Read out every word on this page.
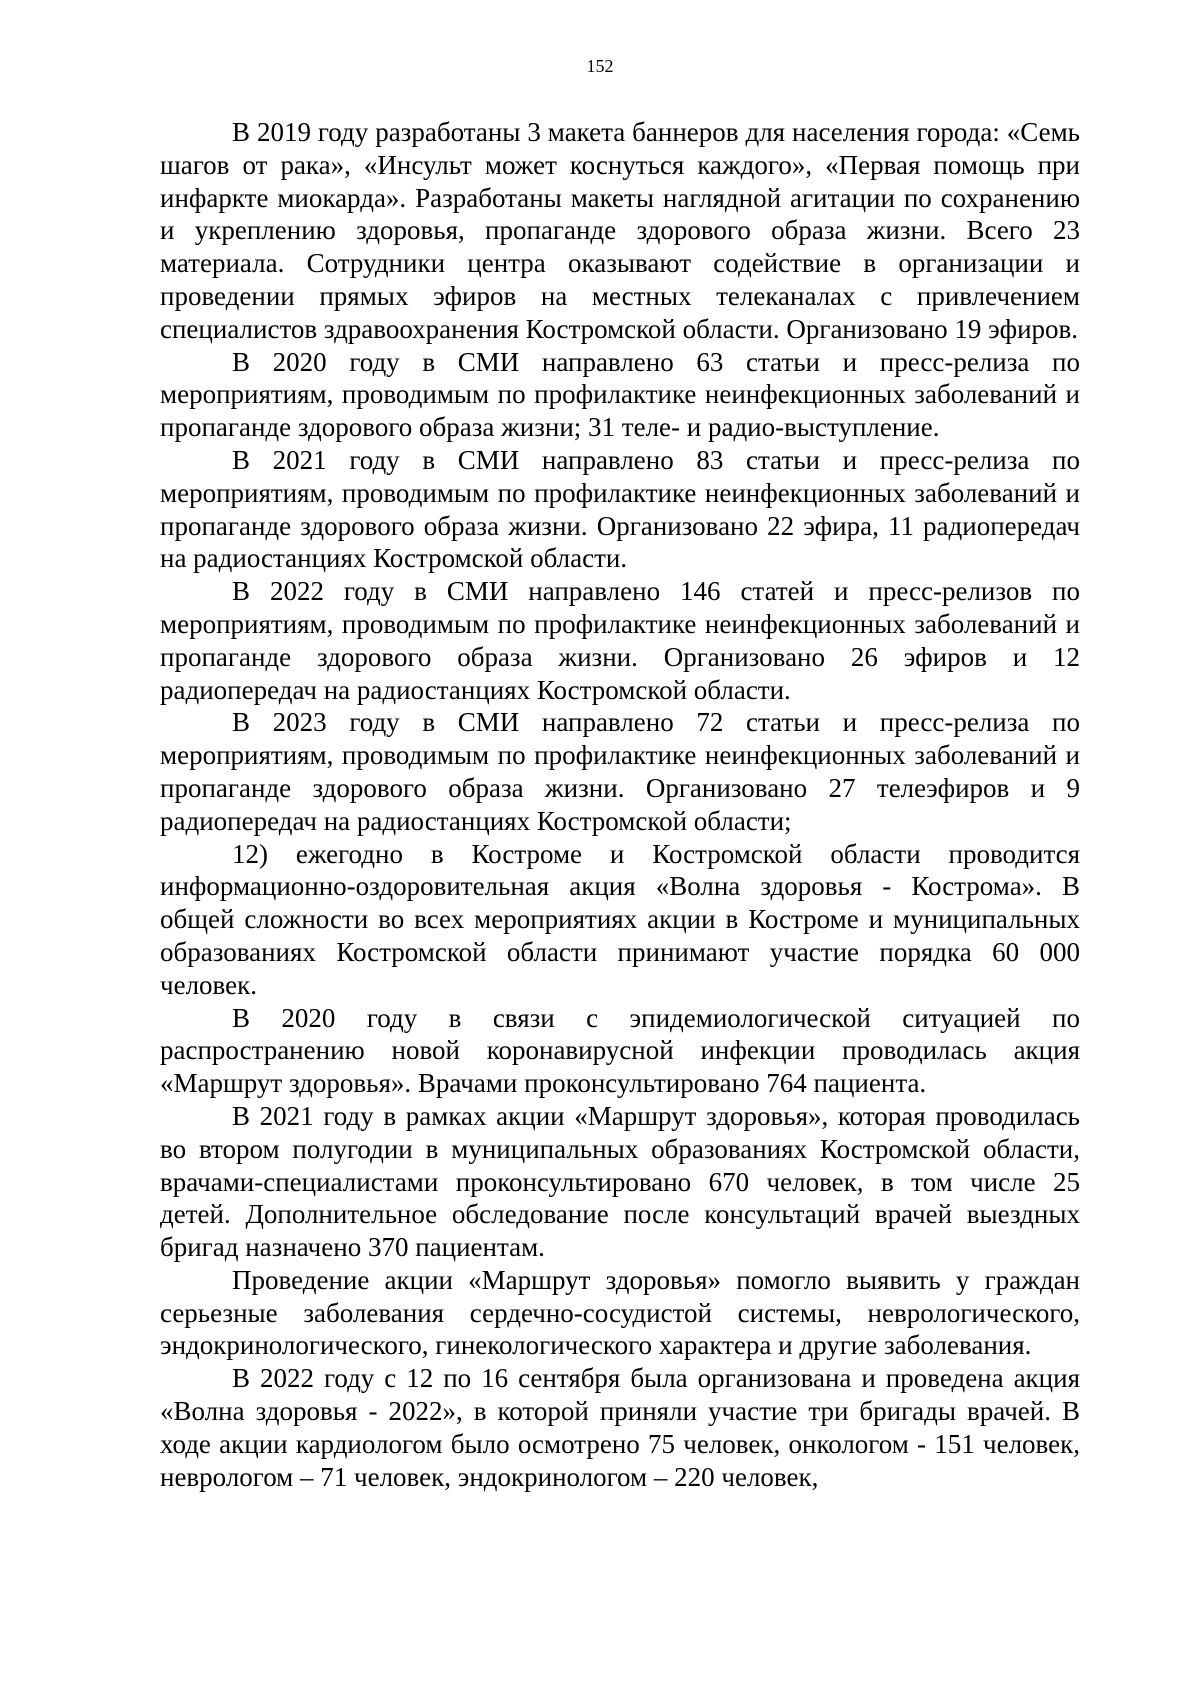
152

В 2019 году разработаны 3 макета баннеров для населения города: «Семь шагов от рака», «Инсульт может коснуться каждого», «Первая помощь при инфаркте миокарда». Разработаны макеты наглядной агитации по сохранению и укреплению здоровья, пропаганде здорового образа жизни. Всего 23 материала. Сотрудники центра оказывают содействие в организации и проведении прямых эфиров на местных телеканалах с привлечением специалистов здравоохранения Костромской области. Организовано 19 эфиров.

В 2020 году в СМИ направлено 63 статьи и пресс-релиза по мероприятиям, проводимым по профилактике неинфекционных заболеваний и пропаганде здорового образа жизни; 31 теле- и радио-выступление.

В 2021 году в СМИ направлено 83 статьи и пресс-релиза по мероприятиям, проводимым по профилактике неинфекционных заболеваний и пропаганде здорового образа жизни. Организовано 22 эфира, 11 радиопередач на радиостанциях Костромской области.

В 2022 году в СМИ направлено 146 статей и пресс-релизов по мероприятиям, проводимым по профилактике неинфекционных заболеваний и пропаганде здорового образа жизни. Организовано 26 эфиров и 12 радиопередач на радиостанциях Костромской области.

В 2023 году в СМИ направлено 72 статьи и пресс-релиза по мероприятиям, проводимым по профилактике неинфекционных заболеваний и пропаганде здорового образа жизни. Организовано 27 телеэфиров и 9 радиопередач на радиостанциях Костромской области;

12) ежегодно в Костроме и Костромской области проводится информационно-оздоровительная акция «Волна здоровья - Кострома». В общей сложности во всех мероприятиях акции в Костроме и муниципальных образованиях Костромской области принимают участие порядка 60 000 человек.

В 2020 году в связи с эпидемиологической ситуацией по распространению новой коронавирусной инфекции проводилась акция «Маршрут здоровья». Врачами проконсультировано 764 пациента.

В 2021 году в рамках акции «Маршрут здоровья», которая проводилась во втором полугодии в муниципальных образованиях Костромской области, врачами-специалистами проконсультировано 670 человек, в том числе 25 детей. Дополнительное обследование после консультаций врачей выездных бригад назначено 370 пациентам.

Проведение акции «Маршрут здоровья» помогло выявить у граждан серьезные заболевания сердечно-сосудистой системы, неврологического, эндокринологического, гинекологического характера и другие заболевания.

В 2022 году с 12 по 16 сентября была организована и проведена акция «Волна здоровья - 2022», в которой приняли участие три бригады врачей. В ходе акции кардиологом было осмотрено 75 человек, онкологом - 151 человек, неврологом – 71 человек, эндокринологом – 220 человек,
